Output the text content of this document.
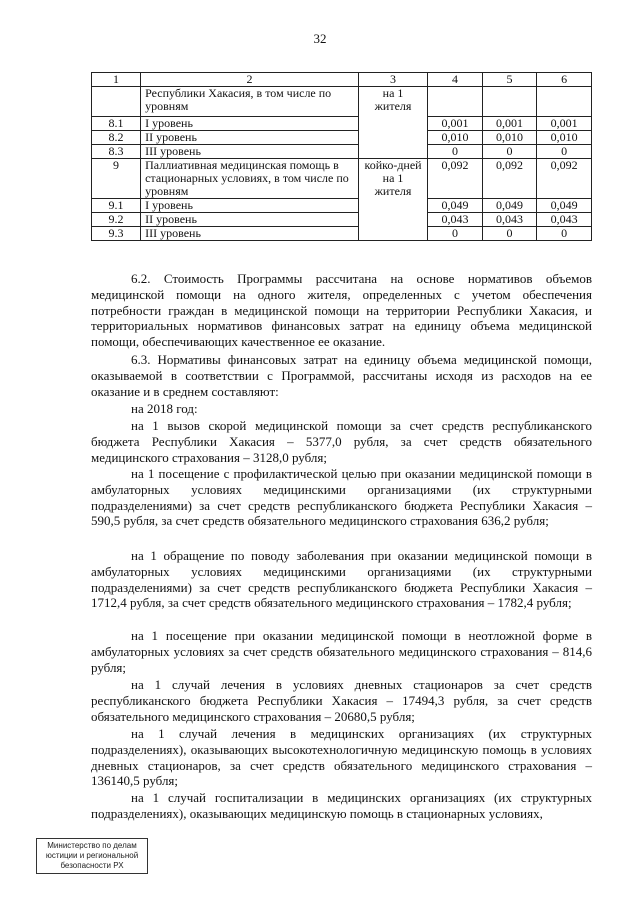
32
1	2	3	4	5	6
	Республики Хакасия, в том числе по уровням	на 1 жителя			
8.1	I уровень		0,001	0,001	0,001
8.2	II уровень		0,010	0,010	0,010
8.3	III уровень		0	0	0
9	Паллиативная медицинская помощь в стационарных условиях, в том числе по уровням	койко-дней на 1 жителя	0,092	0,092	0,092
9.1	I уровень		0,049	0,049	0,049
9.2	II уровень		0,043	0,043	0,043
9.3	III уровень		0	0	0

6.2. Стоимость Программы рассчитана на основе нормативов объемов медицинской помощи на одного жителя, определенных с учетом обеспечения потребности граждан в медицинской помощи на территории Республики Хакасия, и территориальных нормативов финансовых затрат на единицу объема медицинской помощи, обеспечивающих качественное ее оказание.

6.3. Нормативы финансовых затрат на единицу объема медицинской помощи, оказываемой в соответствии с Программой, рассчитаны исходя из расходов на ее оказание и в среднем составляют:

на 2018 год:

на 1 вызов скорой медицинской помощи за счет средств республиканского бюджета Республики Хакасия – 5377,0 рубля, за счет средств обязательного медицинского страхования – 3128,0 рубля;

на 1 посещение с профилактической целью при оказании медицинской помощи в амбулаторных условиях медицинскими организациями (их структурными подразделениями) за счет средств республиканского бюджета Республики Хакасия – 590,5 рубля, за счет средств обязательного медицинского страхования 636,2 рубля;

на 1 обращение по поводу заболевания при оказании медицинской помощи в амбулаторных условиях медицинскими организациями (их структурными подразделениями) за счет средств республиканского бюджета Республики Хакасия – 1712,4 рубля, за счет средств обязательного медицинского страхования – 1782,4 рубля;

на 1 посещение при оказании медицинской помощи в неотложной форме в амбулаторных условиях за счет средств обязательного медицинского страхования – 814,6 рубля;

на 1 случай лечения в условиях дневных стационаров за счет средств республиканского бюджета Республики Хакасия – 17494,3 рубля, за счет средств обязательного медицинского страхования – 20680,5 рубля;

на 1 случай лечения в медицинских организациях (их структурных подразделениях), оказывающих высокотехнологичную медицинскую помощь в условиях дневных стационаров, за счет средств обязательного медицинского страхования – 136140,5 рубля;

на 1 случай госпитализации в медицинских организациях (их структурных подразделениях), оказывающих медицинскую помощь в стационарных условиях,

Министерство по делам юстиции и региональной безопасности РХ
